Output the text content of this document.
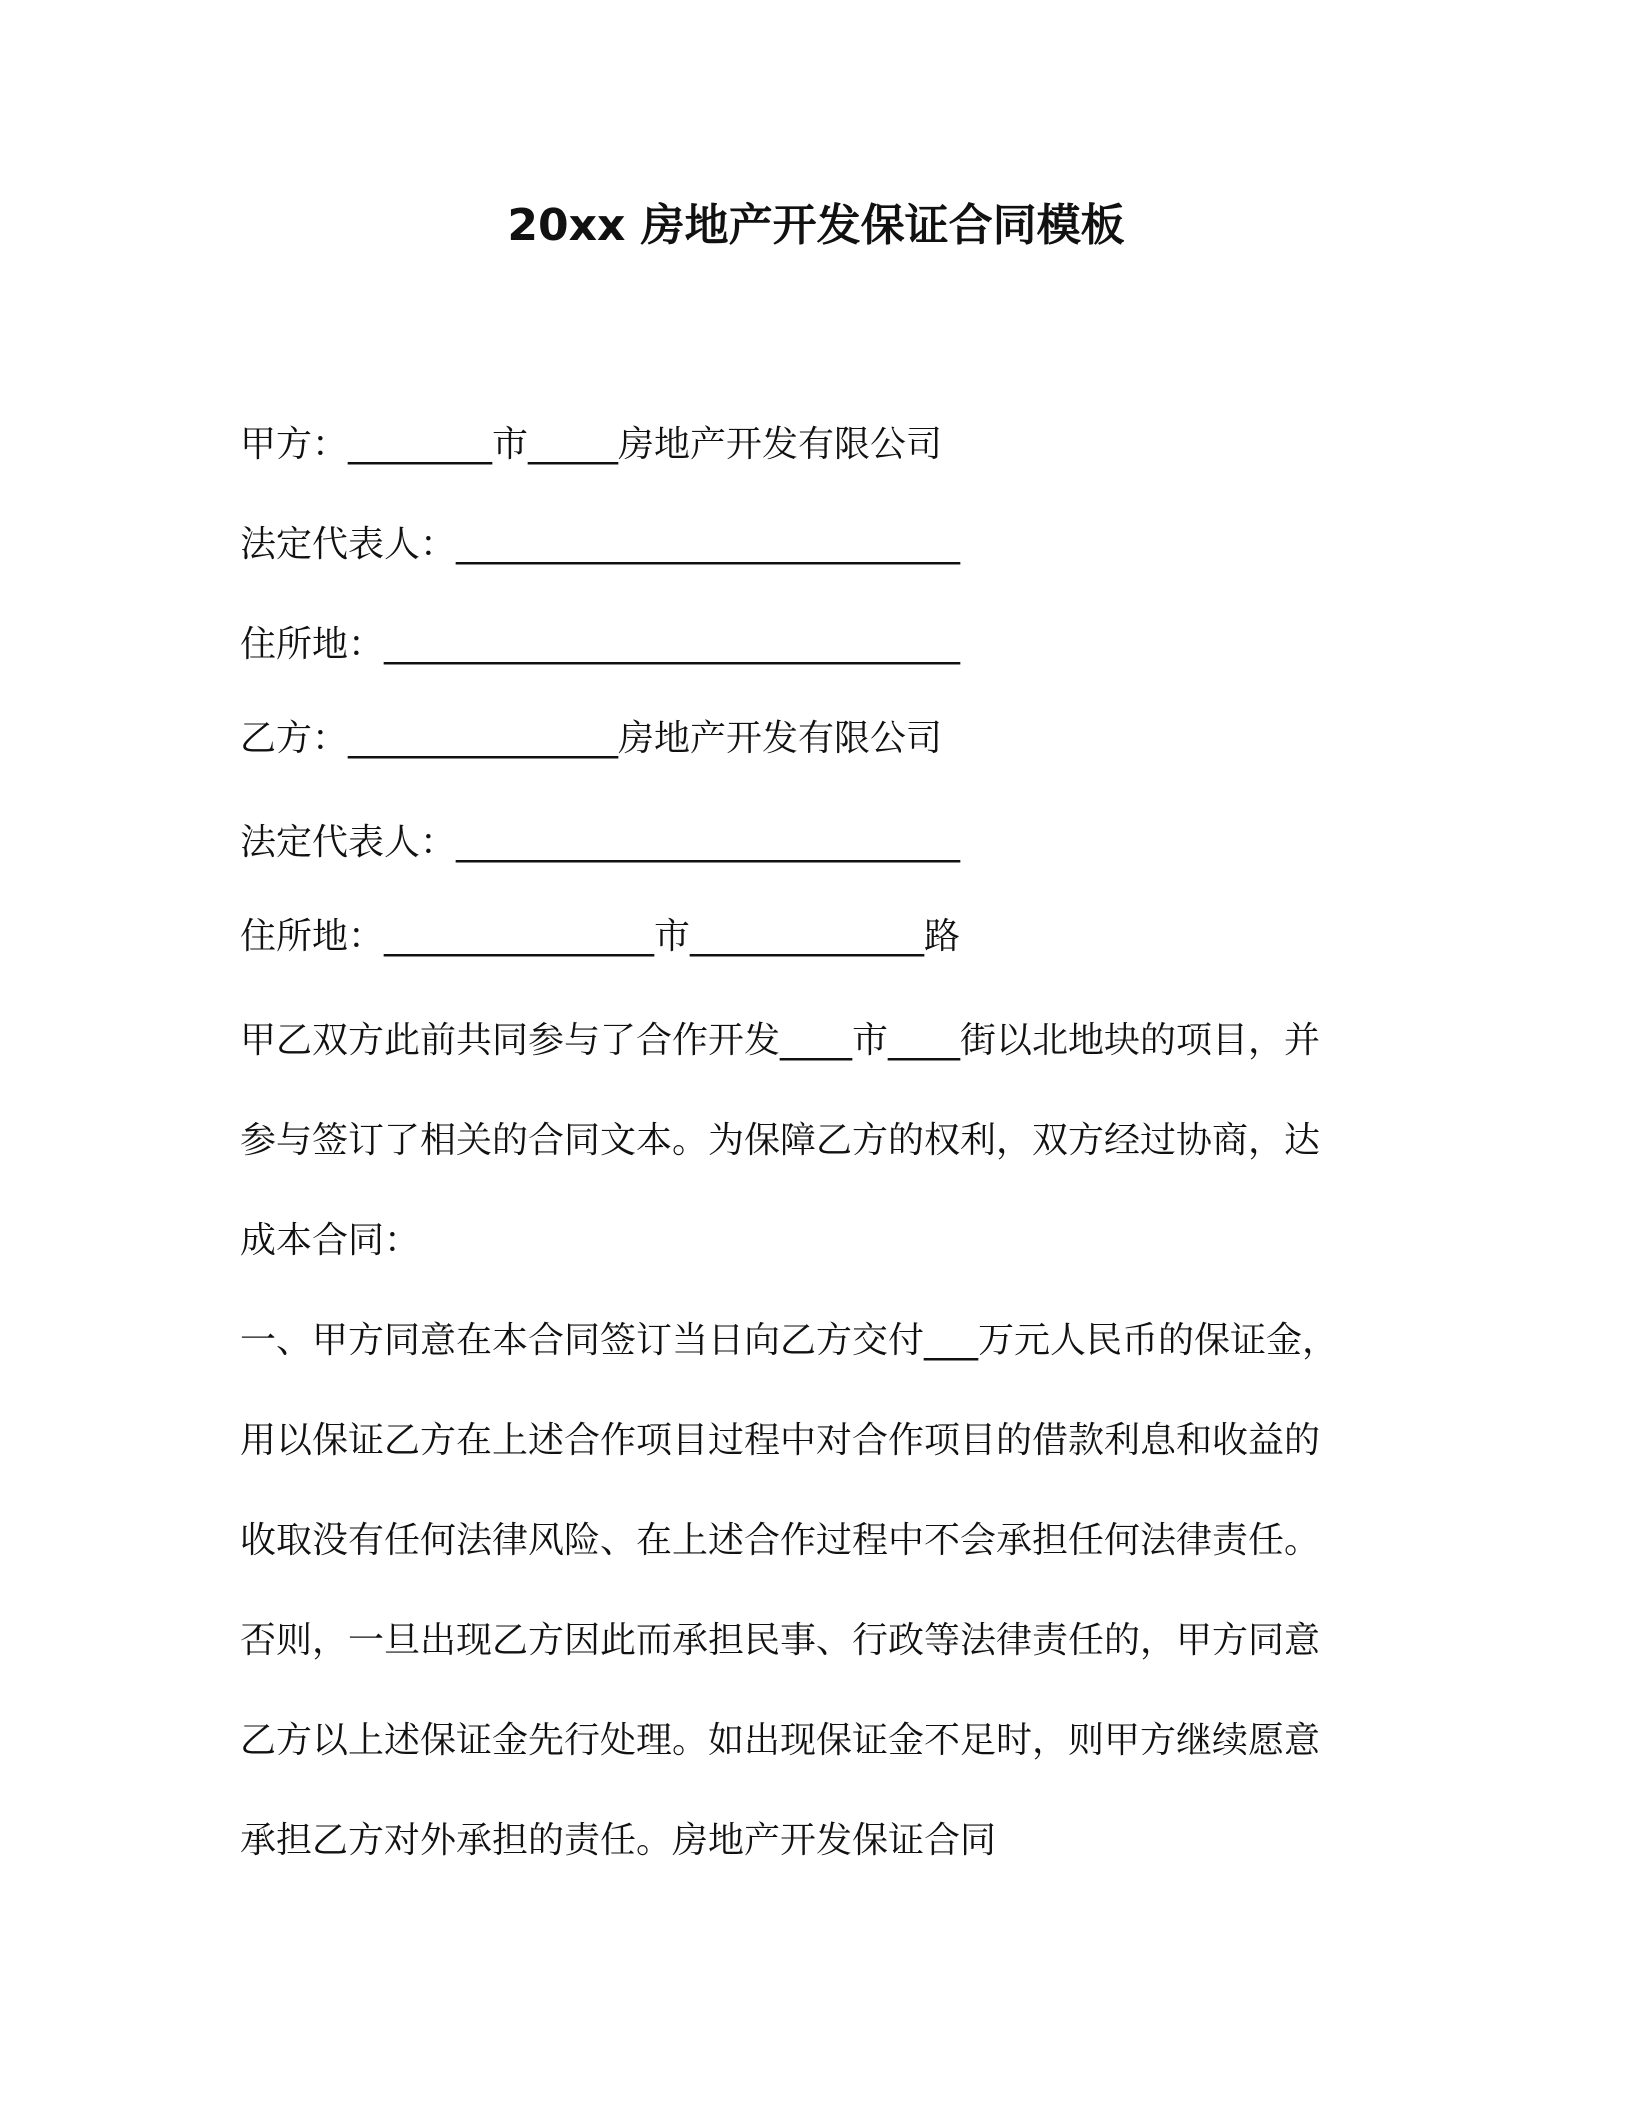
20xx 房地产开发保证合同模板
甲方：________市_____房地产开发有限公司
法定代表人：____________________________
住所地：________________________________
乙方：_______________房地产开发有限公司
法定代表人：____________________________
住所地：_______________市_____________路
甲乙双方此前共同参与了合作开发____市____街以北地块的项目，并
参与签订了相关的合同文本。为保障乙方的权利，双方经过协商，达
成本合同：
一、甲方同意在本合同签订当日向乙方交付___万元人民币的保证金，
用以保证乙方在上述合作项目过程中对合作项目的借款利息和收益的
收取没有任何法律风险、在上述合作过程中不会承担任何法律责任。
否则，一旦出现乙方因此而承担民事、行政等法律责任的，甲方同意
乙方以上述保证金先行处理。如出现保证金不足时，则甲方继续愿意
承担乙方对外承担的责任。房地产开发保证合同
